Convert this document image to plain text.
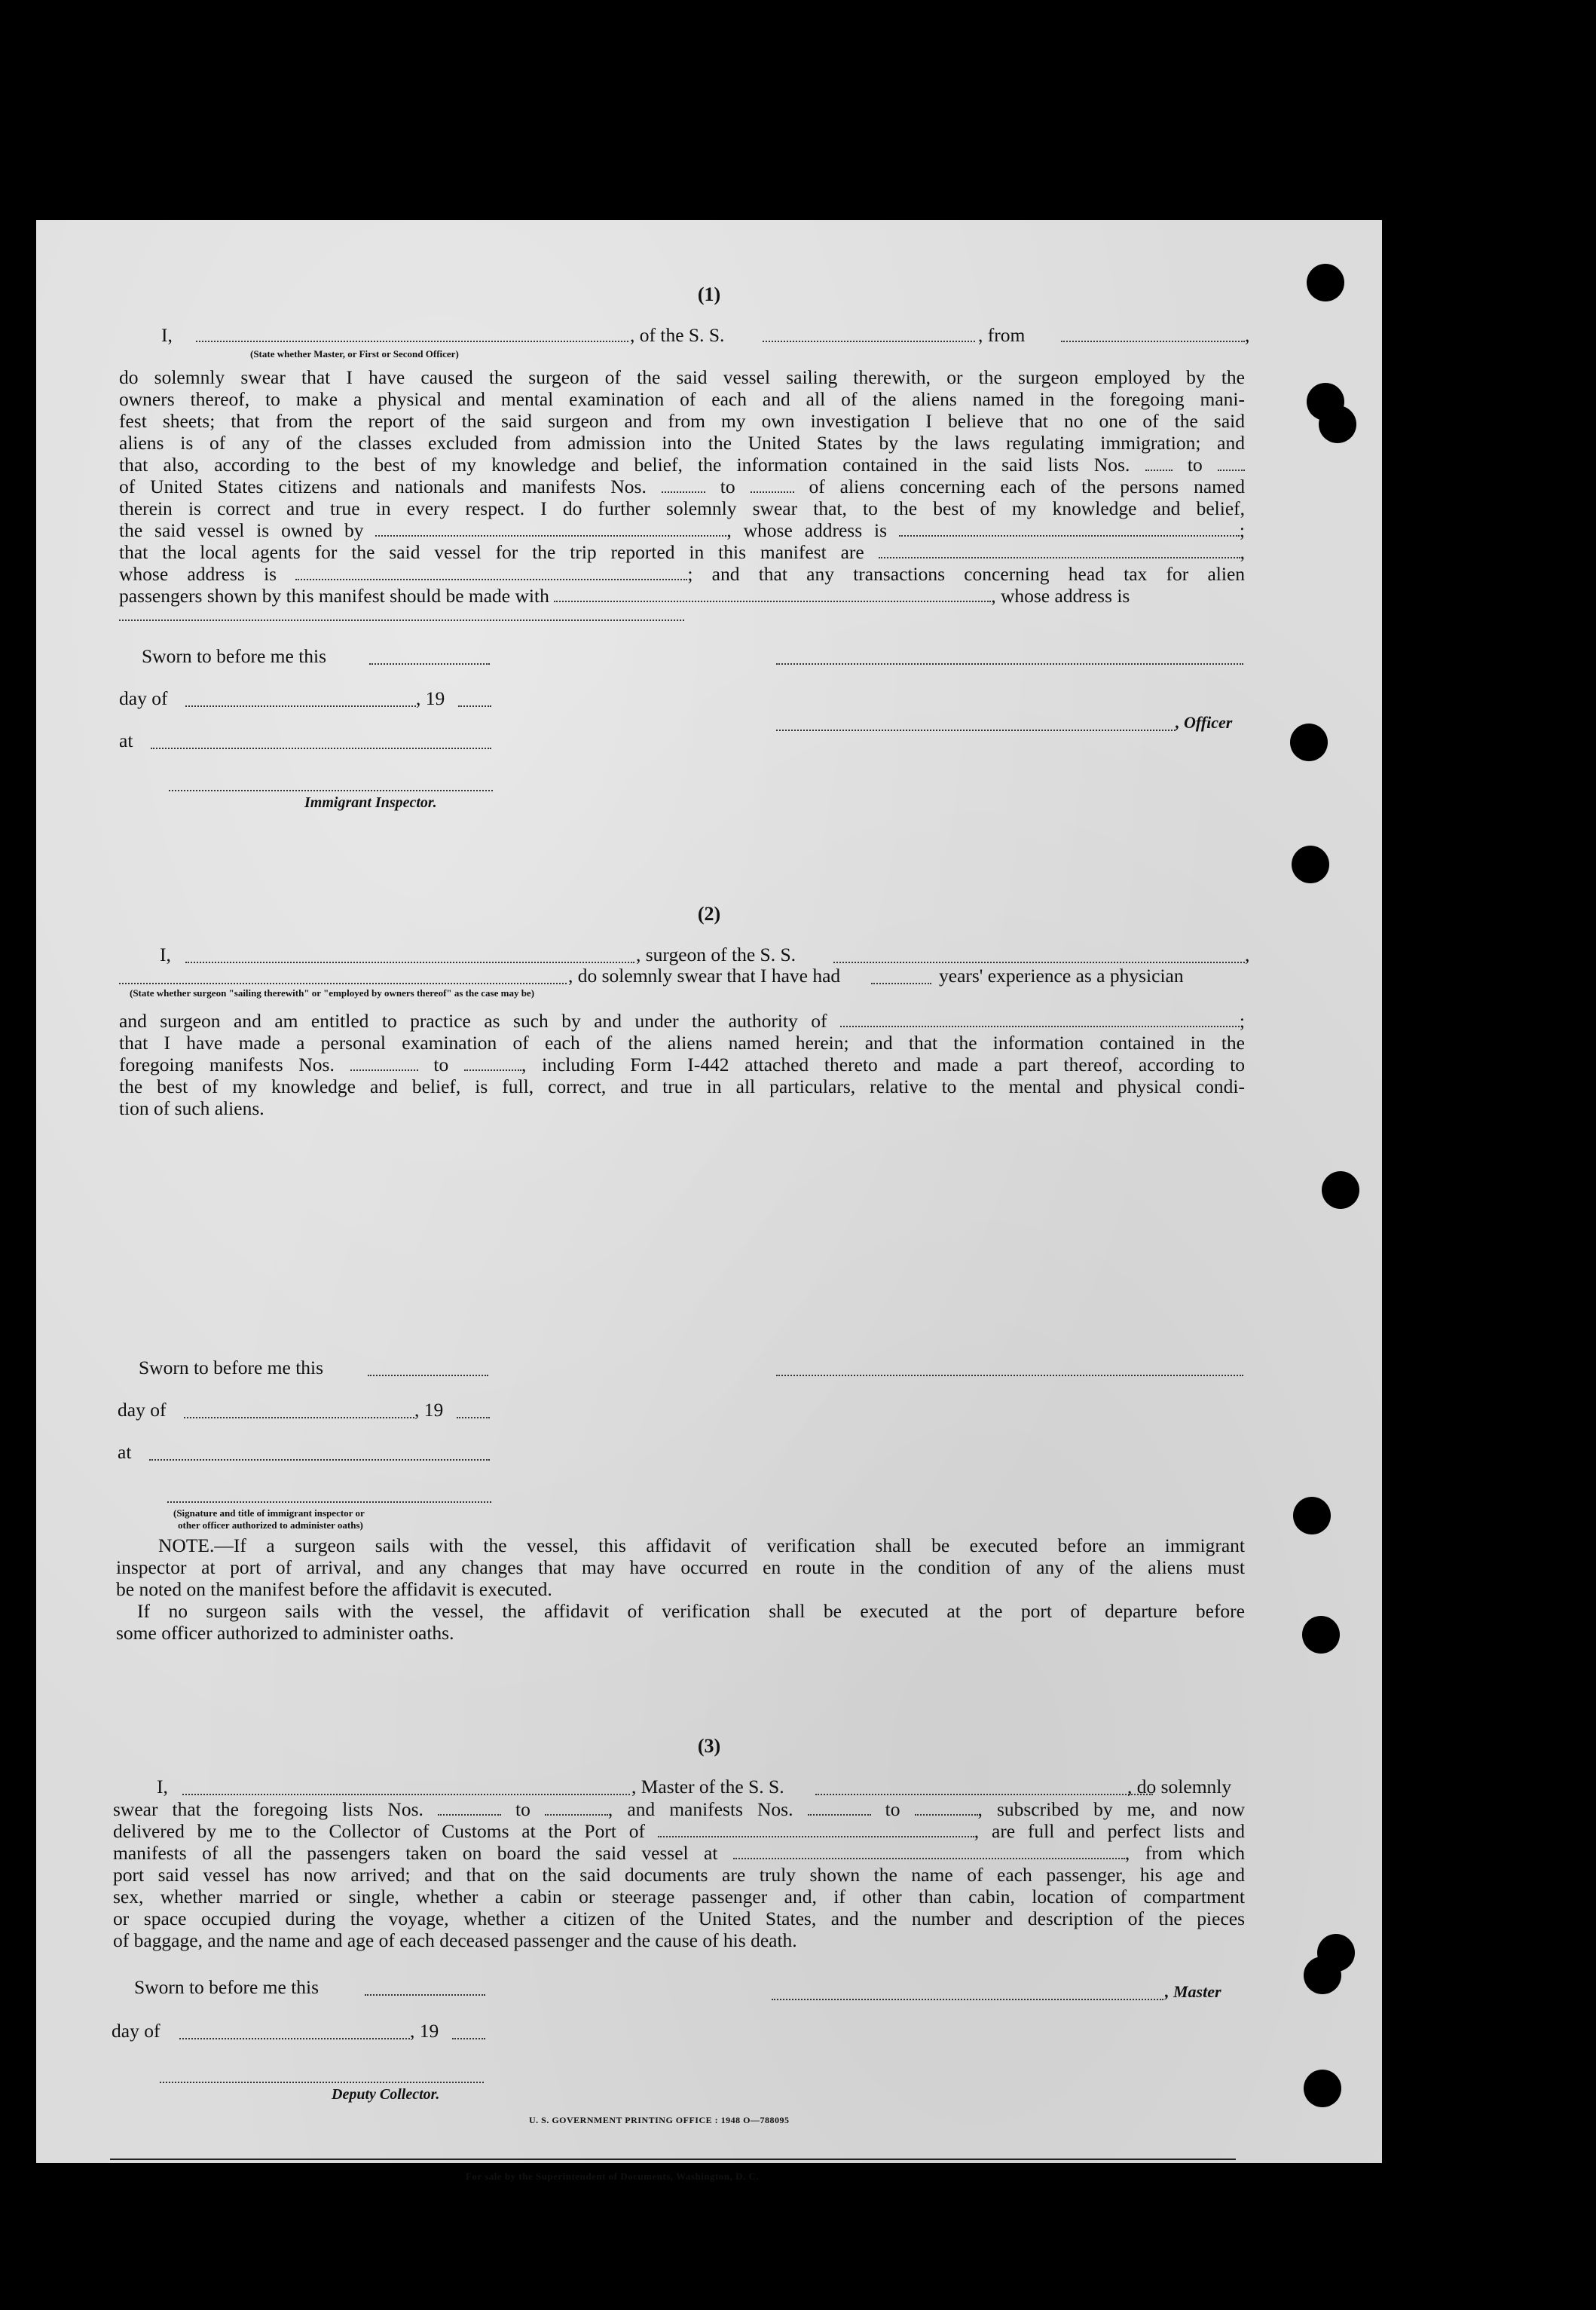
(1)
I,	, of the S. S.	, from	,
(State whether Master, or First or Second Officer)
do solemnly swear that I have caused the surgeon of the said vessel sailing therewith, or the surgeon employed by the
owners thereof, to make a physical and mental examination of each and all of the aliens named in the foregoing mani-
fest sheets; that from the report of the said surgeon and from my own investigation I believe that no one of the said
aliens is of any of the classes excluded from admission into the United States by the laws regulating immigration; and
that also, according to the best of my knowledge and belief, the information contained in the said lists Nos.	to
of United States citizens and nationals and manifests Nos.	to	of aliens concerning each of the persons named
therein is correct and true in every respect. I do further solemnly swear that, to the best of my knowledge and belief,
the said vessel is owned by	, whose address is	;
that the local agents for the said vessel for the trip reported in this manifest are	,
whose address is	; and that any transactions concerning head tax for alien
passengers shown by this manifest should be made with	, whose address is
Sworn to before me this
day of	, 19
at
Immigrant Inspector.
, Officer
(2)
I,	, surgeon of the S. S.	,
, do solemnly swear that I have had	years' experience as a physician
(State whether surgeon "sailing therewith" or "employed by owners thereof" as the case may be)
and surgeon and am entitled to practice as such by and under the authority of	;
that I have made a personal examination of each of the aliens named herein; and that the information contained in the
foregoing manifests Nos.	to	, including Form I-442 attached thereto and made a part thereof, according to
the best of my knowledge and belief, is full, correct, and true in all particulars, relative to the mental and physical condi-
tion of such aliens.
Sworn to before me this
day of	, 19
at
(Signature and title of immigrant inspector or
other officer authorized to administer oaths)
NOTE.—If a surgeon sails with the vessel, this affidavit of verification shall be executed before an immigrant
inspector at port of arrival, and any changes that may have occurred en route in the condition of any of the aliens must
be noted on the manifest before the affidavit is executed.
If no surgeon sails with the vessel, the affidavit of verification shall be executed at the port of departure before
some officer authorized to administer oaths.
(3)
I,	, Master of the S. S.	, do solemnly
swear that the foregoing lists Nos.	to	, and manifests Nos.	to	, subscribed by me, and now
delivered by me to the Collector of Customs at the Port of	, are full and perfect lists and
manifests of all the passengers taken on board the said vessel at	, from which
port said vessel has now arrived; and that on the said documents are truly shown the name of each passenger, his age and
sex, whether married or single, whether a cabin or steerage passenger and, if other than cabin, location of compartment
or space occupied during the voyage, whether a citizen of the United States, and the number and description of the pieces
of baggage, and the name and age of each deceased passenger and the cause of his death.
Sworn to before me this
day of	, 19
Deputy Collector.
, Master
U. S. GOVERNMENT PRINTING OFFICE : 1948 O—788095
For sale by the Superintendent of Documents, Washington, D. C.
